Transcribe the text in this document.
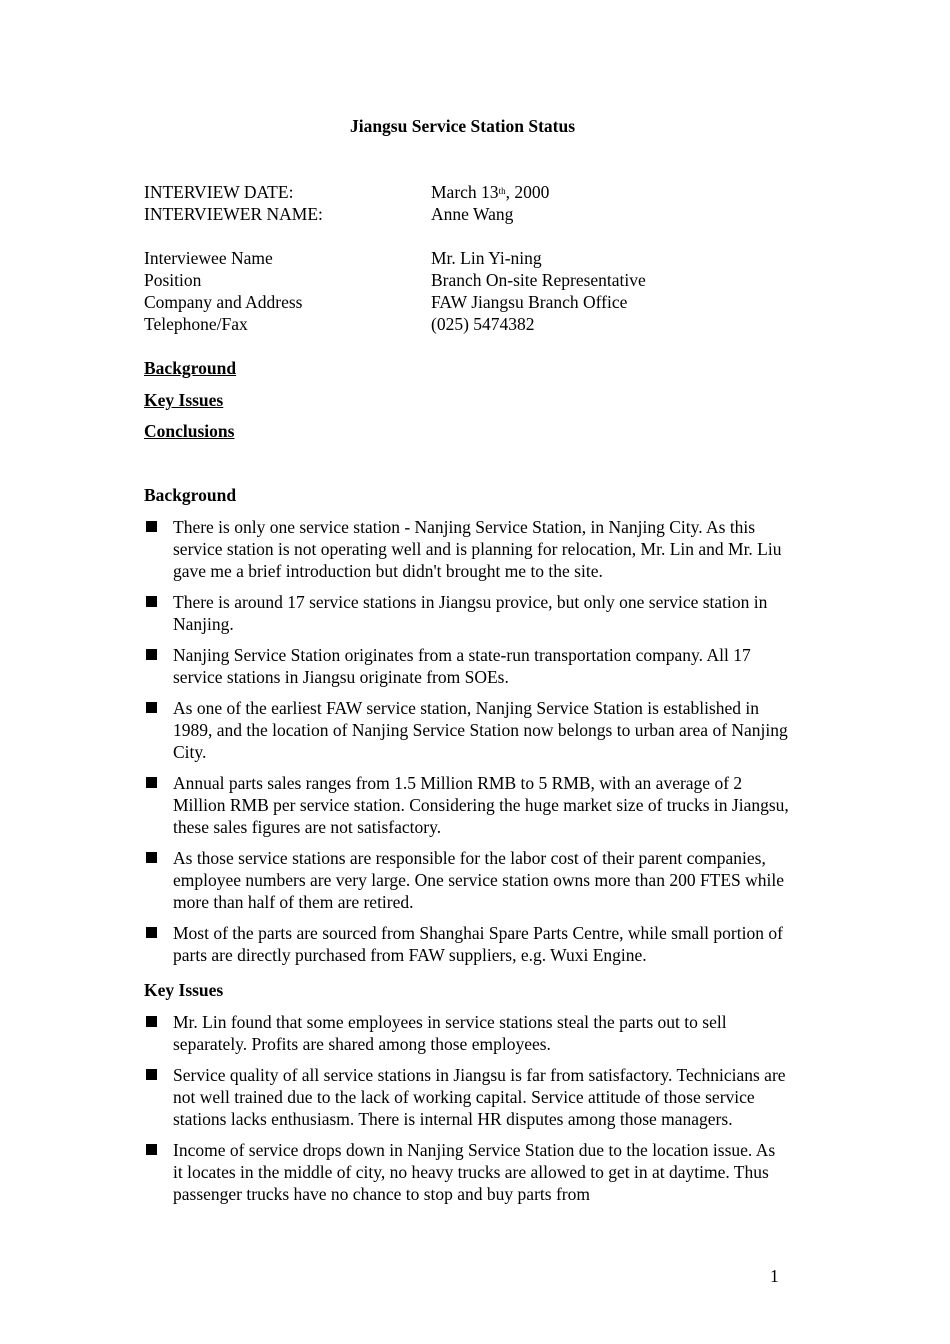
Jiangsu Service Station Status
INTERVIEW DATE:	March 13th, 2000
INTERVIEWER NAME:	Anne Wang
Interviewee Name	Mr. Lin Yi-ning
Position	Branch On-site Representative
Company and Address	FAW Jiangsu Branch Office
Telephone/Fax	(025) 5474382
Background
Key Issues
Conclusions
Background
There is only one service station - Nanjing Service Station, in Nanjing City. As this service station is not operating well and is planning for relocation, Mr. Lin and Mr. Liu gave me a brief introduction but didn't brought me to the site.
There is around 17 service stations in Jiangsu provice, but only one service station in Nanjing.
Nanjing Service Station originates from a state-run transportation company. All 17 service stations in Jiangsu originate from SOEs.
As one of the earliest FAW service station, Nanjing Service Station is established in 1989, and the location of Nanjing Service Station now belongs to urban area of Nanjing City.
Annual parts sales ranges from 1.5 Million RMB to 5 RMB, with an average of 2 Million RMB per service station. Considering the huge market size of trucks in Jiangsu, these sales figures are not satisfactory.
As those service stations are responsible for the labor cost of their parent companies, employee numbers are very large. One service station owns more than 200 FTES while more than half of them are retired.
Most of the parts are sourced from Shanghai Spare Parts Centre, while small portion of parts are directly purchased from FAW suppliers, e.g. Wuxi Engine.
Key Issues
Mr. Lin found that some employees in service stations steal the parts out to sell separately. Profits are shared among those employees.
Service quality of all service stations in Jiangsu is far from satisfactory. Technicians are not well trained due to the lack of working capital. Service attitude of those service stations lacks enthusiasm. There is internal HR disputes among those managers.
Income of service drops down in Nanjing Service Station due to the location issue. As it locates in the middle of city, no heavy trucks are allowed to get in at daytime. Thus passenger trucks have no chance to stop and buy parts from
1
